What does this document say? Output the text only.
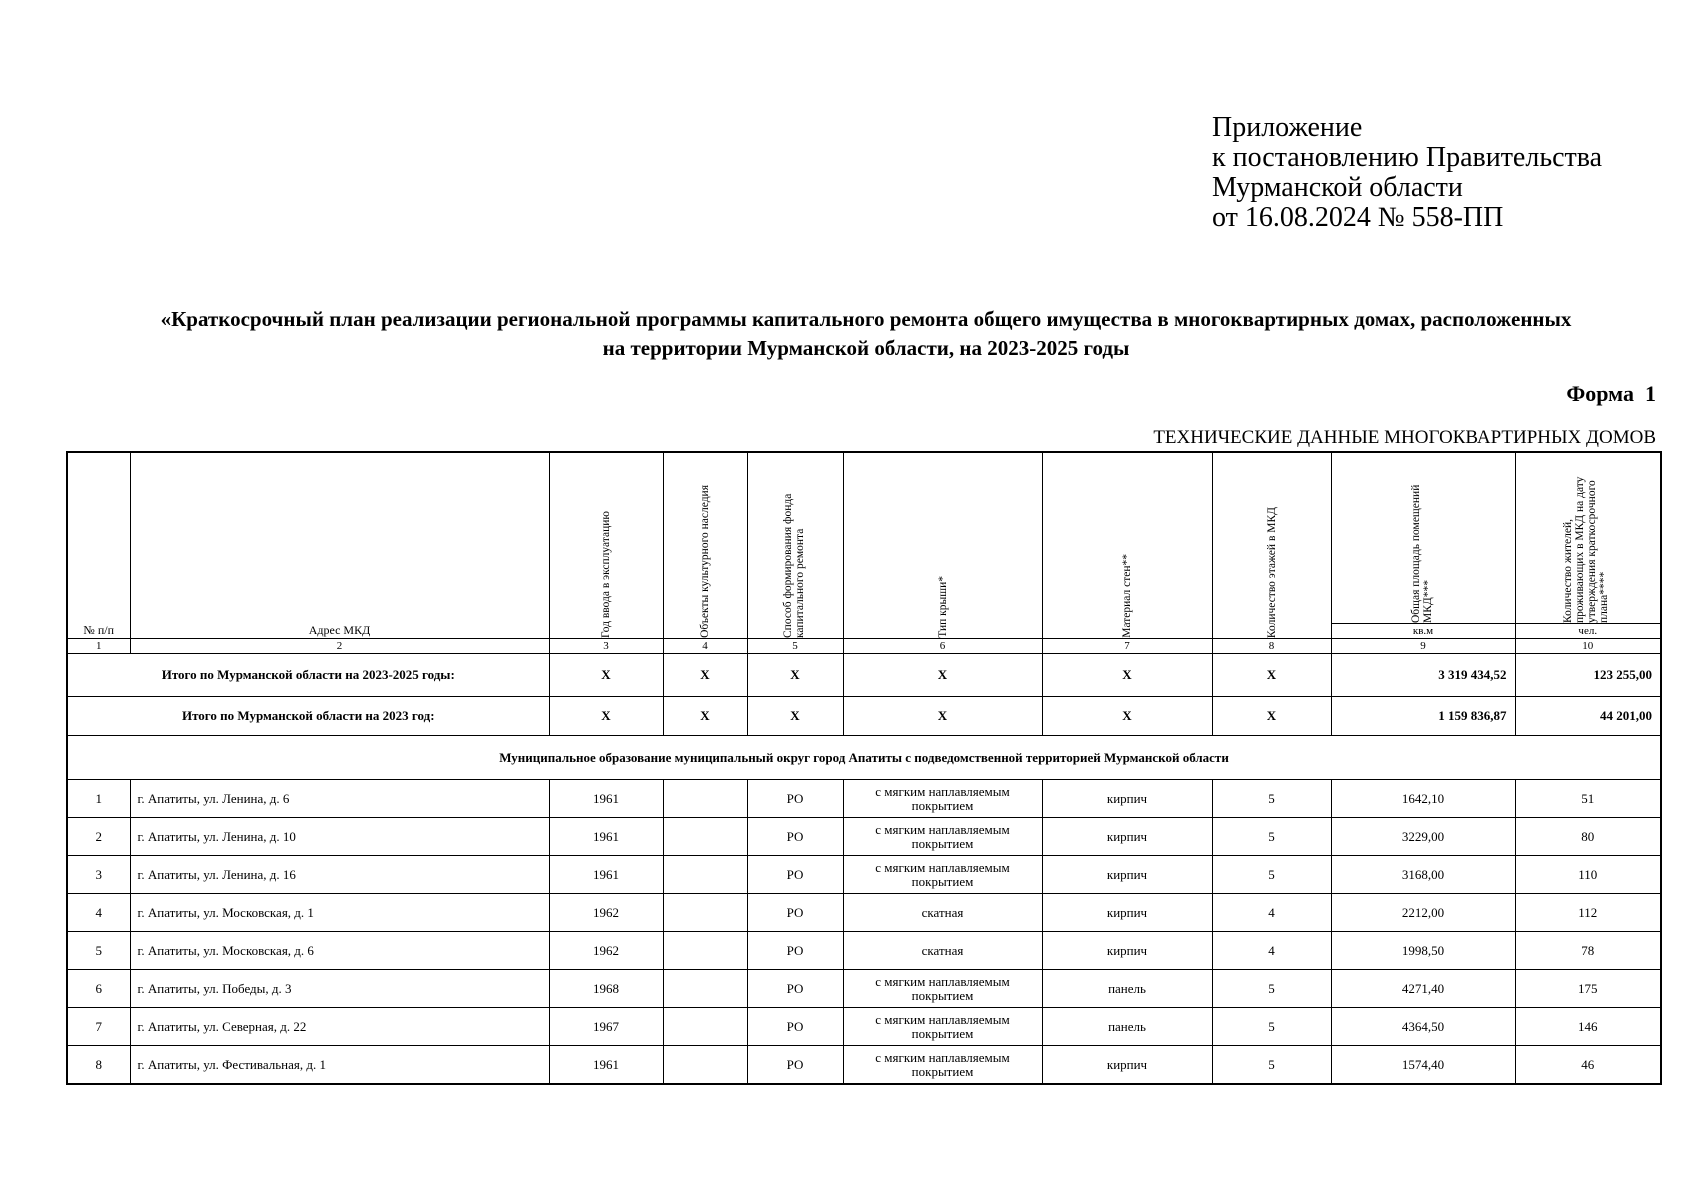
Приложение
к постановлению Правительства
Мурманской области
от 16.08.2024 № 558-ПП
«Краткосрочный план реализации региональной программы капитального ремонта общего имущества в многоквартирных домах, расположенных
на территории Мурманской области, на 2023-2025 годы
Форма  1
ТЕХНИЧЕСКИЕ ДАННЫЕ МНОГОКВАРТИРНЫХ ДОМОВ
№ п/п	Адрес МКД	Год ввода в эксплуатацию	Объекты культурного наследия	Способ формирования фонда капитального ремонта	Тип крыши*	Материал стен**	Количество этажей в МКД	Общая площадь помещений МКД***	Количество жителей, проживающих в МКД на дату утверждения краткосрочного плана****

								кв.м	чел.
1	2	3	4	5	6	7	8	9	10
Итого по Мурманской области на 2023-2025 годы:		X	X	X	X	X	X	3 319 434,52	123 255,00
Итого по Мурманской области на 2023 год:		X	X	X	X	X	X	1 159 836,87	44 201,00
Муниципальное образование муниципальный округ город Апатиты с подведомственной территорией Мурманской области									
1	г. Апатиты, ул. Ленина, д. 6	1961		РО	с мягким наплавляемым покрытием	кирпич	5	1642,10	51
2	г. Апатиты, ул. Ленина, д. 10	1961		РО	с мягким наплавляемым покрытием	кирпич	5	3229,00	80
3	г. Апатиты, ул. Ленина, д. 16	1961		РО	с мягким наплавляемым покрытием	кирпич	5	3168,00	110
4	г. Апатиты, ул. Московская, д. 1	1962		РО	скатная	кирпич	4	2212,00	112
5	г. Апатиты, ул. Московская, д. 6	1962		РО	скатная	кирпич	4	1998,50	78
6	г. Апатиты, ул. Победы, д. 3	1968		РО	с мягким наплавляемым покрытием	панель	5	4271,40	175
7	г. Апатиты, ул. Северная, д. 22	1967		РО	с мягким наплавляемым покрытием	панель	5	4364,50	146
8	г. Апатиты, ул. Фестивальная, д. 1	1961		РО	с мягким наплавляемым покрытием	кирпич	5	1574,40	46
